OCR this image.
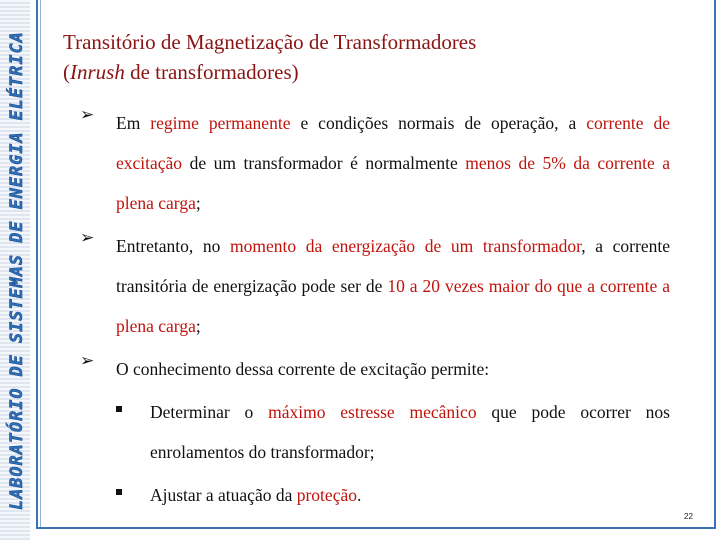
LABORATÓRIO DE SISTEMAS DE ENERGIA ELÉTRICA Transitório de Magnetização de Transformadores
(Inrush de transformadores)
➢ Em regime permanente e condições normais de operação, a corrente de excitação de um transformador é normalmente menos de 5% da corrente a plena carga;
➢ Entretanto, no momento da energização de um transformador, a corrente transitória de energização pode ser de 10 a 20 vezes maior do que a corrente a plena carga;
➢ O conhecimento dessa corrente de excitação permite:
Determinar o máximo estresse mecânico que pode ocorrer nos enrolamentos do transformador;
Ajustar a atuação da proteção.
22
